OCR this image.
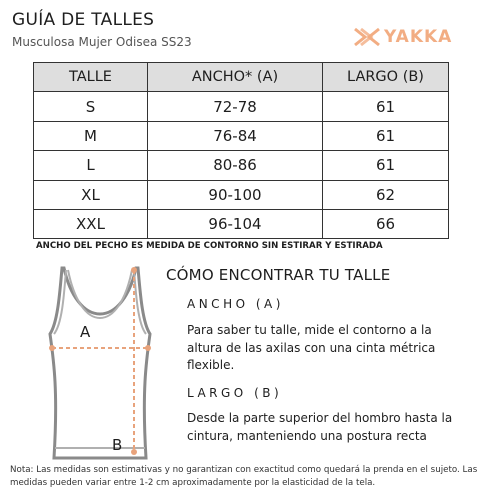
GUÍA DE TALLES
Musculosa Mujer Odisea SS23	YAKKA
TALLE	ANCHO* (A)	LARGO (B)
S	72-78	61
M	76-84	61
L	80-86	61
XL	90-100	62
XXL	96-104	66
ANCHO DEL PECHO ES MEDIDA DE CONTORNO SIN ESTIRAR Y ESTIRADA
A
B
CÓMO ENCONTRAR TU TALLE
ANCHO (A)
Para saber tu talle, mide el contorno a la altura de las axilas con una cinta métrica flexible.
LARGO (B)
Desde la parte superior del hombro hasta la cintura, manteniendo una postura recta
Nota: Las medidas son estimativas y no garantizan con exactitud como quedará la prenda en el sujeto. Las medidas pueden variar entre 1-2 cm aproximadamente por la elasticidad de la tela.
